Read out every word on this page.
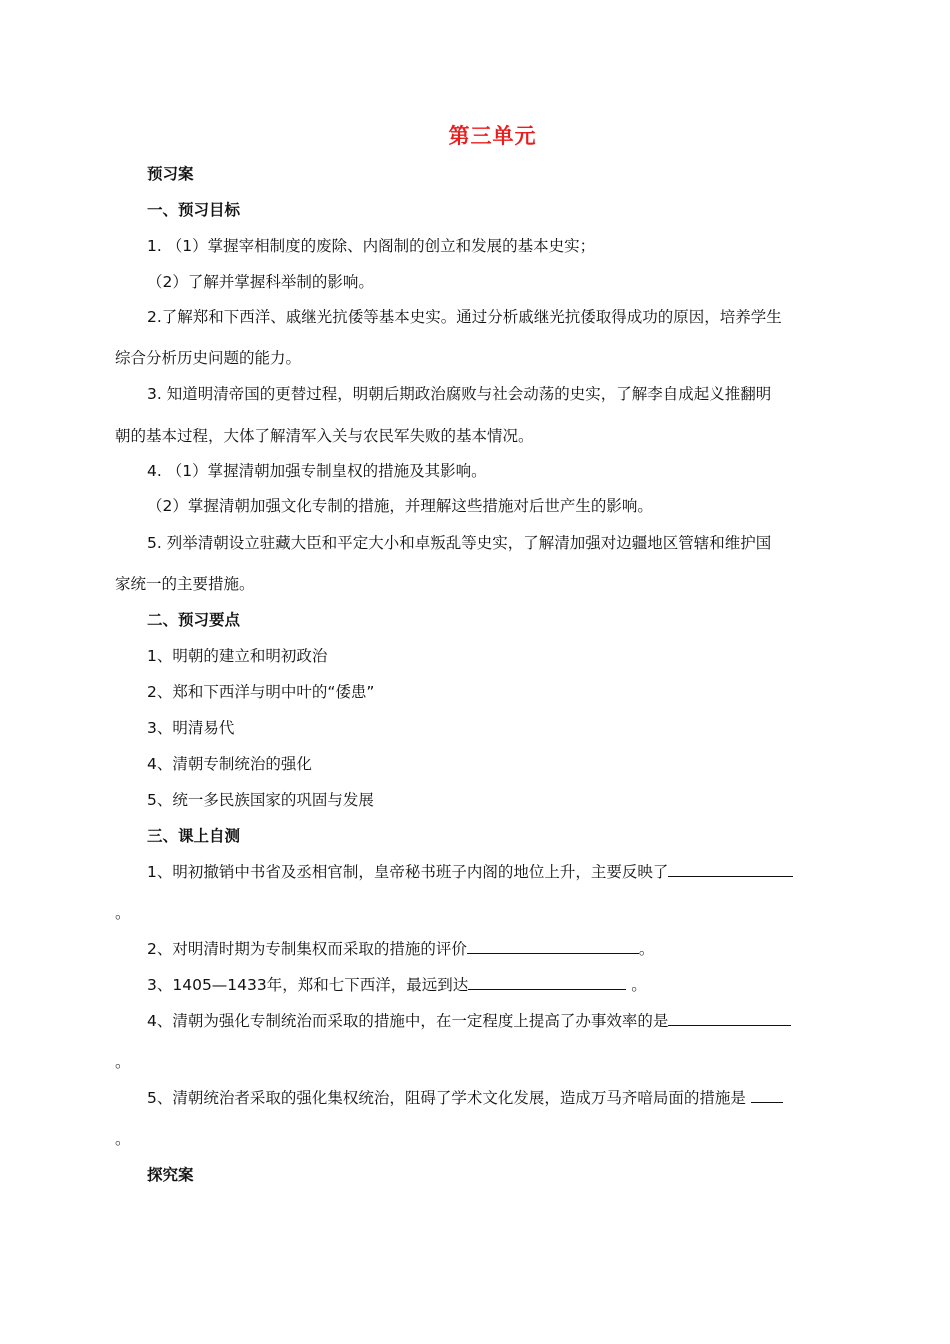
第三单元
预习案
一、预习目标
1. （1）掌握宰相制度的废除、内阁制的创立和发展的基本史实；
（2）了解并掌握科举制的影响。
2.了解郑和下西洋、戚继光抗倭等基本史实。通过分析戚继光抗倭取得成功的原因，培养学生
综合分析历史问题的能力。
3. 知道明清帝国的更替过程，明朝后期政治腐败与社会动荡的史实，了解李自成起义推翻明
朝的基本过程，大体了解清军入关与农民军失败的基本情况。
4. （1）掌握清朝加强专制皇权的措施及其影响。
（2）掌握清朝加强文化专制的措施，并理解这些措施对后世产生的影响。
5. 列举清朝设立驻藏大臣和平定大小和卓叛乱等史实，了解清加强对边疆地区管辖和维护国
家统一的主要措施。
二、预习要点
1、明朝的建立和明初政治
2、郑和下西洋与明中叶的“倭患”
3、明清易代
4、清朝专制统治的强化
5、统一多民族国家的巩固与发展
三、课上自测
1、明初撤销中书省及丞相官制，皇帝秘书班子内阁的地位上升，主要反映了
。
2、对明清时期为专制集权而采取的措施的评价	。
3、1405—1433年，郑和七下西洋，最远到达	。
4、清朝为强化专制统治而采取的措施中，在一定程度上提高了办事效率的是
。
5、清朝统治者采取的强化集权统治，阻碍了学术文化发展，造成万马齐喑局面的措施是
。
探究案
